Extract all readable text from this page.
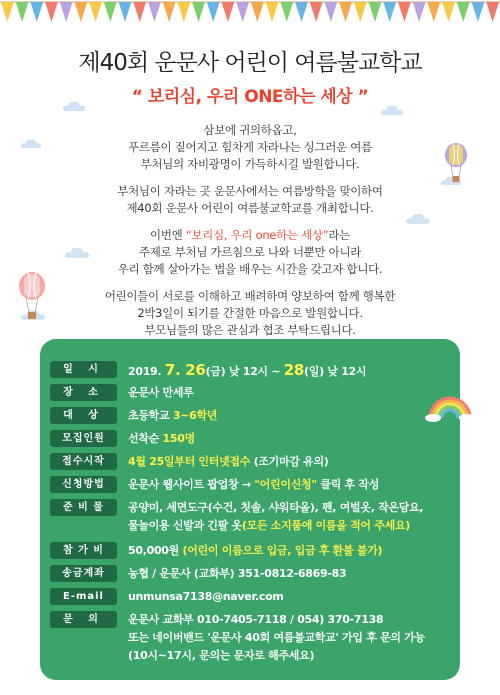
제40회 운문사 어린이 여름불교학교
“ 보리심, 우리 ONE하는 세상 ”

삼보에 귀의하옵고,
푸르름이 짙어지고 힘차게 자라나는 싱그러운 여름
부처님의 자비광명이 가득하시길 발원합니다.

부처님이 자라는 곳 운문사에서는 여름방학을 맞이하여
제40회 운문사 어린이 여름불교학교를 개최합니다.

이번엔 “보리심, 우리 one하는 세상”라는
주제로 부처님 가르침으로 나와 너뿐만 아니라
우리 함께 살아가는 법을 배우는 시간을 갖고자 합니다.

어린이들이 서로를 이해하고 배려하며 양보하여 함께 행복한
2박3일이 되기를 간절한 마음으로 발원합니다.
부모님들의 많은 관심과 협조 부탁드립니다.

일 시	2019. 7. 26(금) 낮 12시 ~ 28(일) 낮 12시
장 소	운문사 만세루
대 상	초등학교 3~6학년
모집인원	선착순 150명
접수시작	4월 25일부터 인터넷접수 (조기마감 유의)
신청방법	운문사 웹사이트 팝업창 → "어린이신청" 클릭 후 작성
준 비 물	공양미, 세면도구(수건, 칫솔, 샤워타올), 펜, 여벌옷, 작은담요,
물놀이용 신발과 긴팔 옷(모든 소지품에 이름을 적어 주세요)
참 가 비	50,000원 (어린이 이름으로 입금, 입금 후 환불 불가)
송금계좌	농협 / 운문사 (교화부) 351-0812-6869-83
E-mail	unmunsa7138@naver.com
문 의	운문사 교화부 010-7405-7118 / 054) 370-7138
또는 네이버밴드 '운문사 40회 여름불교학교' 가입 후 문의 가능
(10시~17시, 문의는 문자로 해주세요)
